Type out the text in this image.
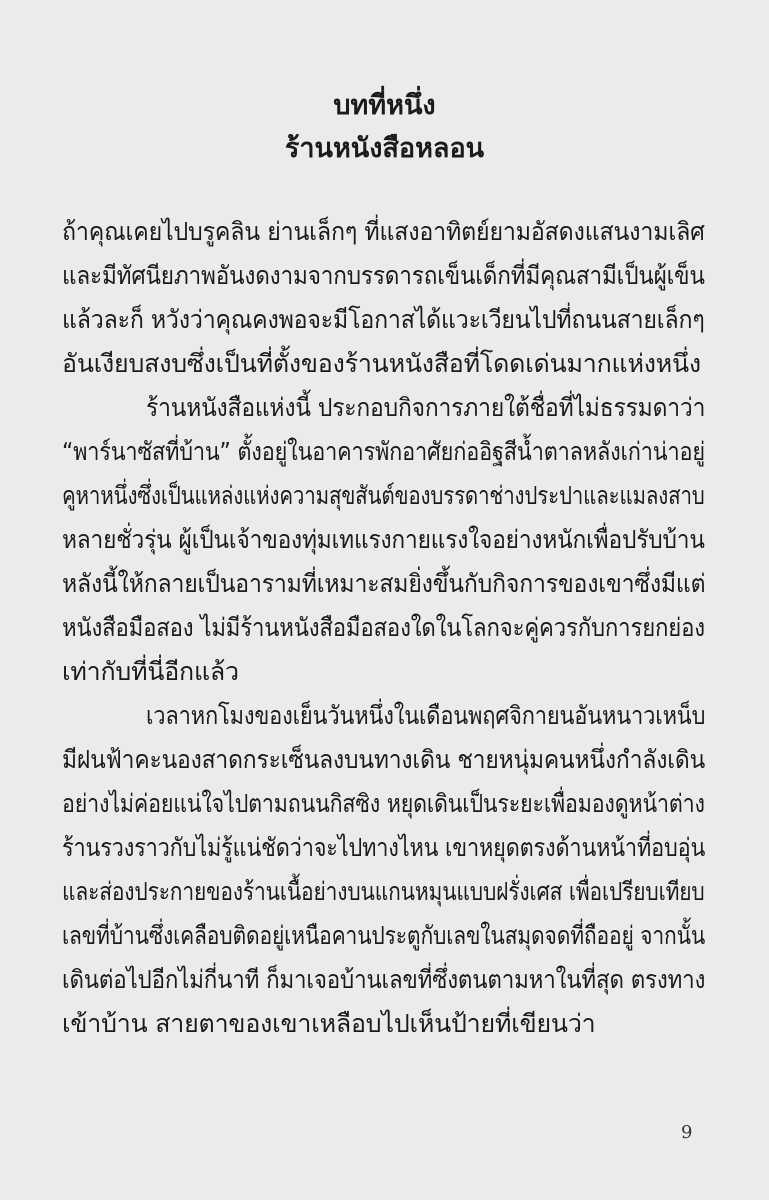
บทที่หนึ่ง
ร้านหนังสือหลอน
ถ้าคุณเคยไปบรูคลิน ย่านเล็กๆ ที่แสงอาทิตย์ยามอัสดงแสนงามเลิศ
และมีทัศนียภาพอันงดงามจากบรรดารถเข็นเด็กที่มีคุณสามีเป็นผู้เข็น
แล้วละก็ หวังว่าคุณคงพอจะมีโอกาสได้แวะเวียนไปที่ถนนสายเล็กๆ
อันเงียบสงบซึ่งเป็นที่ตั้งของร้านหนังสือที่โดดเด่นมากแห่งหนึ่ง
ร้านหนังสือแห่งนี้ ประกอบกิจการภายใต้ชื่อที่ไม่ธรรมดาว่า
“พาร์นาซัสที่บ้าน” ตั้งอยู่ในอาคารพักอาศัยก่ออิฐสีน้ำตาลหลังเก่าน่าอยู่
คูหาหนึ่งซึ่งเป็นแหล่งแห่งความสุขสันต์ของบรรดาช่างประปาและแมลงสาบ
หลายชั่วรุ่น ผู้เป็นเจ้าของทุ่มเทแรงกายแรงใจอย่างหนักเพื่อปรับบ้าน
หลังนี้ให้กลายเป็นอารามที่เหมาะสมยิ่งขึ้นกับกิจการของเขาซึ่งมีแต่
หนังสือมือสอง ไม่มีร้านหนังสือมือสองใดในโลกจะคู่ควรกับการยกย่อง
เท่ากับที่นี่อีกแล้ว
เวลาหกโมงของเย็นวันหนึ่งในเดือนพฤศจิกายนอันหนาวเหน็บ
มีฝนฟ้าคะนองสาดกระเซ็นลงบนทางเดิน ชายหนุ่มคนหนึ่งกำลังเดิน
อย่างไม่ค่อยแน่ใจไปตามถนนกิสซิง หยุดเดินเป็นระยะเพื่อมองดูหน้าต่าง
ร้านรวงราวกับไม่รู้แน่ชัดว่าจะไปทางไหน เขาหยุดตรงด้านหน้าที่อบอุ่น
และส่องประกายของร้านเนื้อย่างบนแกนหมุนแบบฝรั่งเศส เพื่อเปรียบเทียบ
เลขที่บ้านซึ่งเคลือบติดอยู่เหนือคานประตูกับเลขในสมุดจดที่ถืออยู่ จากนั้น
เดินต่อไปอีกไม่กี่นาที ก็มาเจอบ้านเลขที่ซึ่งตนตามหาในที่สุด ตรงทาง
เข้าบ้าน สายตาของเขาเหลือบไปเห็นป้ายที่เขียนว่า
9
